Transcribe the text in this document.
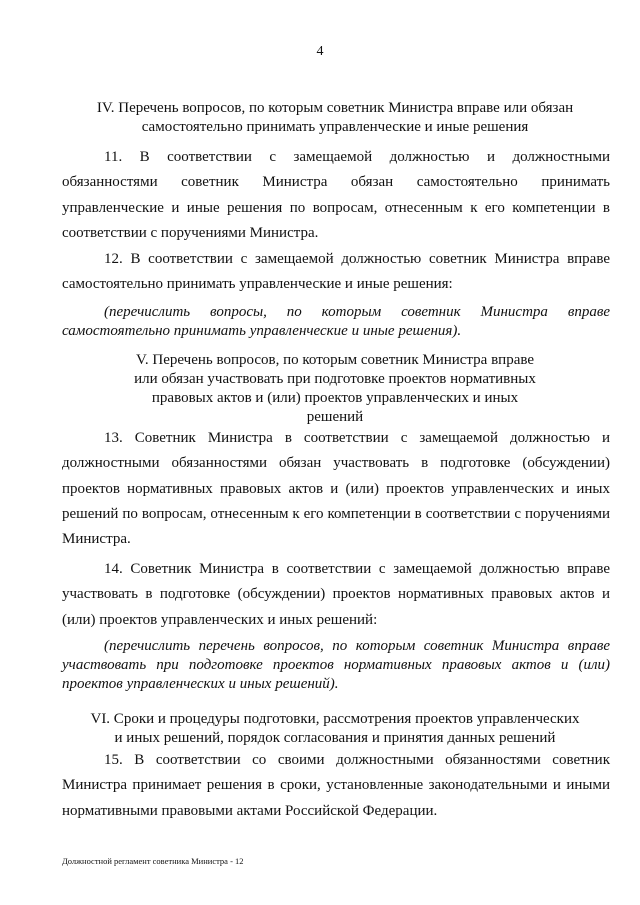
4
IV. Перечень вопросов, по которым советник Министра вправе или обязан самостоятельно принимать управленческие и иные решения
11. В соответствии с замещаемой должностью и должностными обязанностями советник Министра обязан самостоятельно принимать управленческие и иные решения по вопросам, отнесенным к его компетенции в соответствии с поручениями Министра.
12. В соответствии с замещаемой должностью советник Министра вправе самостоятельно принимать управленческие и иные решения:
(перечислить вопросы, по которым советник Министра вправе самостоятельно принимать управленческие и иные решения).
V. Перечень вопросов, по которым советник Министра вправе или обязан участвовать при подготовке проектов нормативных правовых актов и (или) проектов управленческих и иных решений
13. Советник Министра в соответствии с замещаемой должностью и должностными обязанностями обязан участвовать в подготовке (обсуждении) проектов нормативных правовых актов и (или) проектов управленческих и иных решений по вопросам, отнесенным к его компетенции в соответствии с поручениями Министра.
14. Советник Министра в соответствии с замещаемой должностью вправе участвовать в подготовке (обсуждении) проектов нормативных правовых актов и (или) проектов управленческих и иных решений:
(перечислить перечень вопросов, по которым советник Министра вправе участвовать при подготовке проектов нормативных правовых актов и (или) проектов управленческих и иных решений).
VI. Сроки и процедуры подготовки, рассмотрения проектов управленческих и иных решений, порядок согласования и принятия данных решений
15. В соответствии со своими должностными обязанностями советник Министра принимает решения в сроки, установленные законодательными и иными нормативными правовыми актами Российской Федерации.
Должностной регламент советника Министра - 12
